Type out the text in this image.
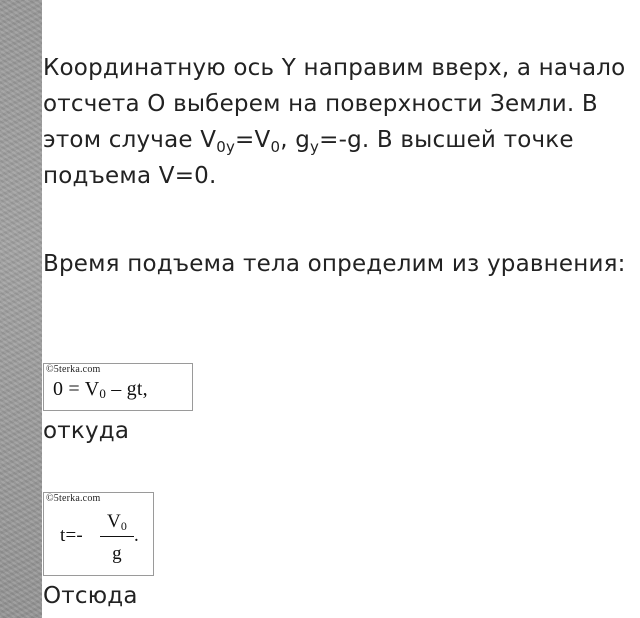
Координатную ось Y направим вверх, а начало отсчета О выберем на поверхности Земли. В этом случае $V_{0y}=V_0$, $g_y=-g$. В высшей точке подъема V=0.

Время подъема тела определим из уравнения:

©5terka.com
$0 = V_0$ – gt,

откуда

©5terka.com
t=-
$V_0$
g
.

Отсюда
